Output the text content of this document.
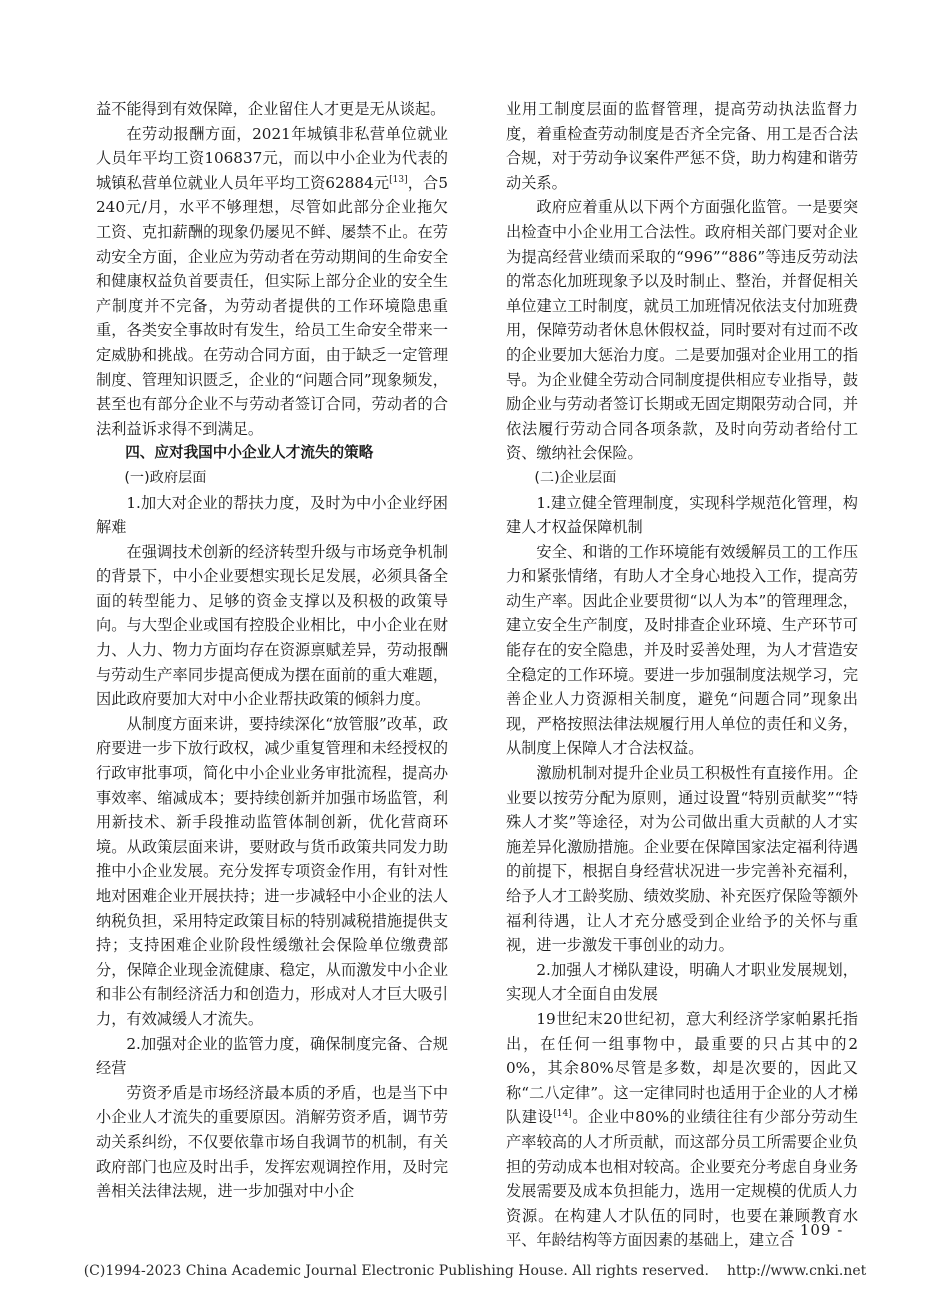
益不能得到有效保障，企业留住人才更是无从谈起。

在劳动报酬方面，2021年城镇非私营单位就业人员年平均工资106837元，而以中小企业为代表的城镇私营单位就业人员年平均工资62884元[13]，合5240元/月，水平不够理想，尽管如此部分企业拖欠工资、克扣薪酬的现象仍屡见不鲜、屡禁不止。在劳动安全方面，企业应为劳动者在劳动期间的生命安全和健康权益负首要责任，但实际上部分企业的安全生产制度并不完备，为劳动者提供的工作环境隐患重重，各类安全事故时有发生，给员工生命安全带来一定威胁和挑战。在劳动合同方面，由于缺乏一定管理制度、管理知识匮乏，企业的“问题合同”现象频发，甚至也有部分企业不与劳动者签订合同，劳动者的合法利益诉求得不到满足。

四、应对我国中小企业人才流失的策略

(一)政府层面

1.加大对企业的帮扶力度，及时为中小企业纾困解难

在强调技术创新的经济转型升级与市场竞争机制的背景下，中小企业要想实现长足发展，必须具备全面的转型能力、足够的资金支撑以及积极的政策导向。与大型企业或国有控股企业相比，中小企业在财力、人力、物力方面均存在资源禀赋差异，劳动报酬与劳动生产率同步提高便成为摆在面前的重大难题，因此政府要加大对中小企业帮扶政策的倾斜力度。

从制度方面来讲，要持续深化“放管服”改革，政府要进一步下放行政权，减少重复管理和未经授权的行政审批事项，简化中小企业业务审批流程，提高办事效率、缩减成本；要持续创新并加强市场监管，利用新技术、新手段推动监管体制创新，优化营商环境。从政策层面来讲，要财政与货币政策共同发力助推中小企业发展。充分发挥专项资金作用，有针对性地对困难企业开展扶持；进一步减轻中小企业的法人纳税负担，采用特定政策目标的特别减税措施提供支持；支持困难企业阶段性缓缴社会保险单位缴费部分，保障企业现金流健康、稳定，从而激发中小企业和非公有制经济活力和创造力，形成对人才巨大吸引力，有效减缓人才流失。

2.加强对企业的监管力度，确保制度完备、合规经营

劳资矛盾是市场经济最本质的矛盾，也是当下中小企业人才流失的重要原因。消解劳资矛盾，调节劳动关系纠纷，不仅要依靠市场自我调节的机制，有关政府部门也应及时出手，发挥宏观调控作用，及时完善相关法律法规，进一步加强对中小企

业用工制度层面的监督管理，提高劳动执法监督力度，着重检查劳动制度是否齐全完备、用工是否合法合规，对于劳动争议案件严惩不贷，助力构建和谐劳动关系。

政府应着重从以下两个方面强化监管。一是要突出检查中小企业用工合法性。政府相关部门要对企业为提高经营业绩而采取的“996”“886”等违反劳动法的常态化加班现象予以及时制止、整治，并督促相关单位建立工时制度，就员工加班情况依法支付加班费用，保障劳动者休息休假权益，同时要对有过而不改的企业要加大惩治力度。二是要加强对企业用工的指导。为企业健全劳动合同制度提供相应专业指导，鼓励企业与劳动者签订长期或无固定期限劳动合同，并依法履行劳动合同各项条款，及时向劳动者给付工资、缴纳社会保险。

(二)企业层面

1.建立健全管理制度，实现科学规范化管理，构建人才权益保障机制

安全、和谐的工作环境能有效缓解员工的工作压力和紧张情绪，有助人才全身心地投入工作，提高劳动生产率。因此企业要贯彻“以人为本”的管理理念，建立安全生产制度，及时排查企业环境、生产环节可能存在的安全隐患，并及时妥善处理，为人才营造安全稳定的工作环境。要进一步加强制度法规学习，完善企业人力资源相关制度，避免“问题合同”现象出现，严格按照法律法规履行用人单位的责任和义务，从制度上保障人才合法权益。

激励机制对提升企业员工积极性有直接作用。企业要以按劳分配为原则，通过设置“特别贡献奖”“特殊人才奖”等途径，对为公司做出重大贡献的人才实施差异化激励措施。企业要在保障国家法定福利待遇的前提下，根据自身经营状况进一步完善补充福利，给予人才工龄奖励、绩效奖励、补充医疗保险等额外福利待遇，让人才充分感受到企业给予的关怀与重视，进一步激发干事创业的动力。

2.加强人才梯队建设，明确人才职业发展规划，实现人才全面自由发展

19世纪末20世纪初，意大利经济学家帕累托指出，在任何一组事物中，最重要的只占其中的20%，其余80%尽管是多数，却是次要的，因此又称“二八定律”。这一定律同时也适用于企业的人才梯队建设[14]。企业中80%的业绩往往有少部分劳动生产率较高的人才所贡献，而这部分员工所需要企业负担的劳动成本也相对较高。企业要充分考虑自身业务发展需要及成本负担能力，选用一定规模的优质人力资源。在构建人才队伍的同时，也要在兼顾教育水平、年龄结构等方面因素的基础上，建立合

- 109 -
(C)1994-2023 China Academic Journal Electronic Publishing House. All rights reserved. http://www.cnki.net
